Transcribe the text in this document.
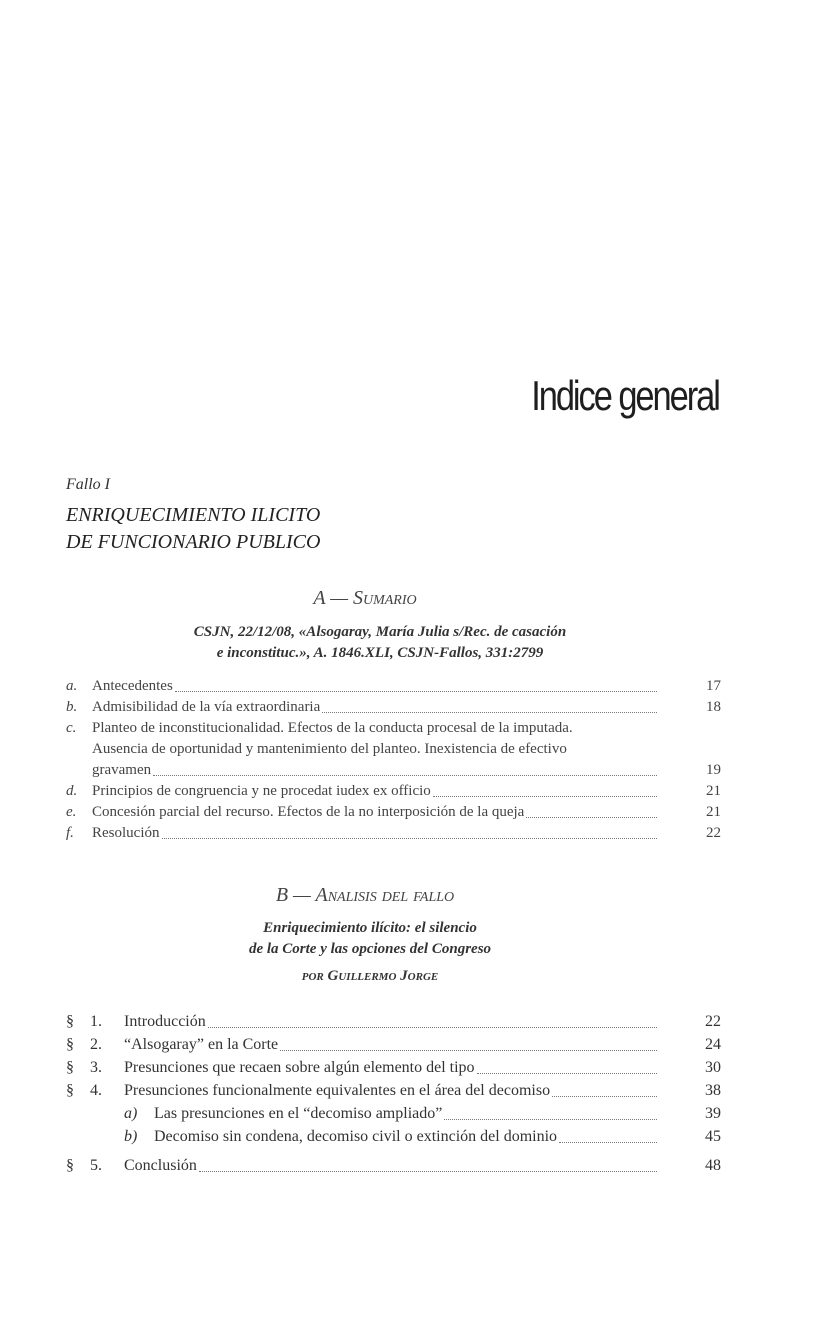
Indice general
Fallo I
ENRIQUECIMIENTO ILICITO
DE FUNCIONARIO PUBLICO
A — Sumario
CSJN, 22/12/08, «Alsogaray, María Julia s/Rec. de casación
e inconstituc.», A. 1846.XLI, CSJN-Fallos, 331:2799
a. Antecedentes	17
b. Admisibilidad de la vía extraordinaria	18
c.	Planteo de inconstitucionalidad. Efectos de la conducta procesal de la imputada.
Ausencia de oportunidad y mantenimiento del planteo. Inexistencia de efectivo
gravamen	19
d. Principios de congruencia y ne procedat iudex ex officio	21
e.	Concesión parcial del recurso. Efectos de la no interposición de la queja	21
f.	Resolución	22
B — Analisis del fallo
Enriquecimiento ilícito: el silencio
de la Corte y las opciones del Congreso
por Guillermo Jorge
§	1.	Introducción	22
§	2.	“Alsogaray” en la Corte	24
§	3.	Presunciones que recaen sobre algún elemento del tipo	30
§	4.	Presunciones funcionalmente equivalentes en el área del decomiso	38
a)	Las presunciones en el “decomiso ampliado”	39
b)	Decomiso sin condena, decomiso civil o extinción del dominio	45
§	5.	Conclusión	48
